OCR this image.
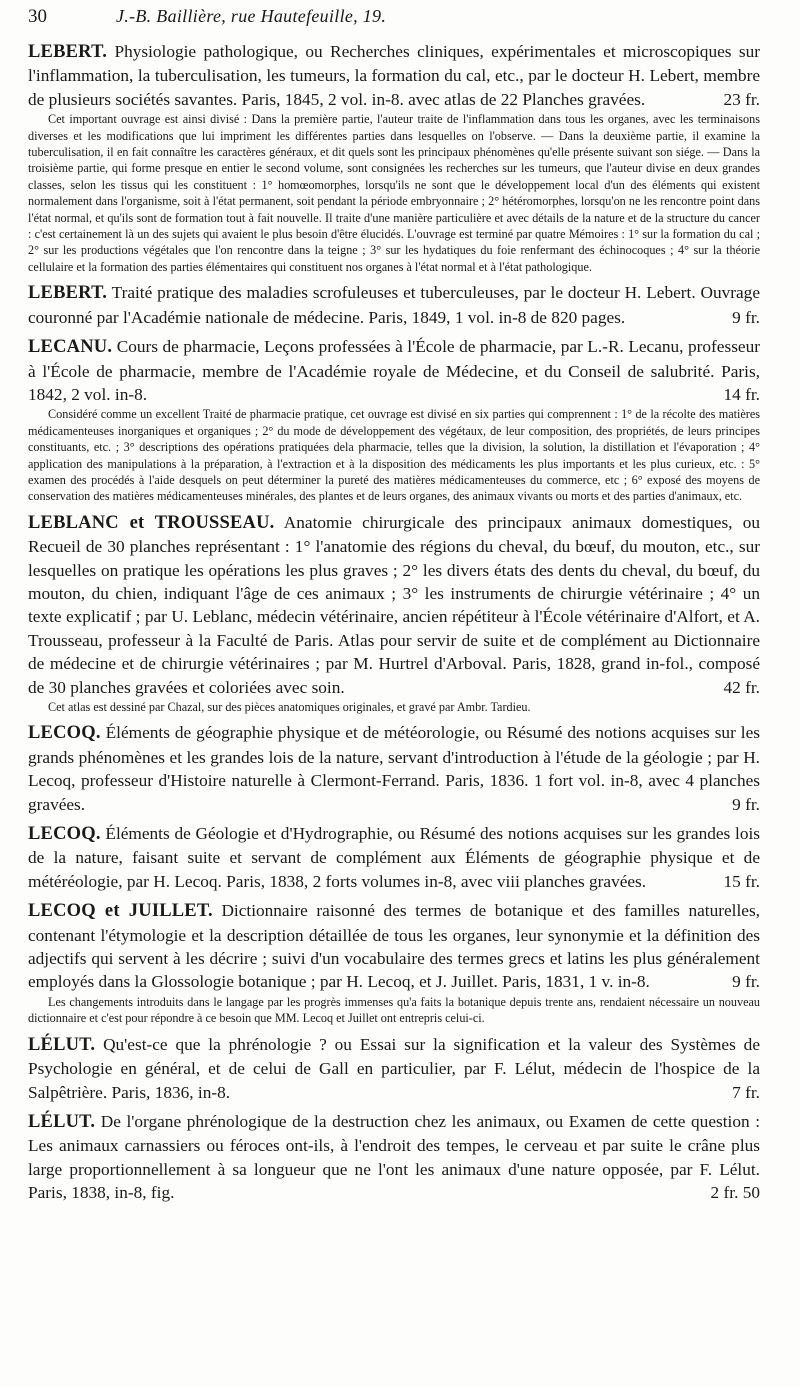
30	J.-B. Baillière, rue Hautefeuille, 19.

LEBERT. Physiologie pathologique, ou Recherches cliniques, expérimentales et microscopiques sur l'inflammation, la tuberculisation, les tumeurs, la formation du cal, etc., par le docteur H. Lebert, membre de plusieurs sociétés savantes. Paris, 1845, 2 vol. in-8. avec atlas de 22 Planches gravées.	23 fr.

Cet important ouvrage est ainsi divisé : Dans la première partie, l'auteur traite de l'inflammation dans tous les organes, avec les terminaisons diverses et les modifications que lui impriment les différentes parties dans lesquelles on l'observe. — Dans la deuxième partie, il examine la tuberculisation, il en fait connaître les caractères généraux, et dit quels sont les principaux phénomènes qu'elle présente suivant son siége. — Dans la troisième partie, qui forme presque en entier le second volume, sont consignées les recherches sur les tumeurs, que l'auteur divise en deux grandes classes, selon les tissus qui les constituent : 1° homœomorphes, lorsqu'ils ne sont que le développement local d'un des éléments qui existent normalement dans l'organisme, soit à l'état permanent, soit pendant la période embryonnaire ; 2° hétéromorphes, lorsqu'on ne les rencontre point dans l'état normal, et qu'ils sont de formation tout à fait nouvelle. Il traite d'une manière particulière et avec détails de la nature et de la structure du cancer : c'est certainement là un des sujets qui avaient le plus besoin d'être élucidés. L'ouvrage est terminé par quatre Mémoires : 1° sur la formation du cal ; 2° sur les productions végétales que l'on rencontre dans la teigne ; 3° sur les hydatiques du foie renfermant des échinocoques ; 4° sur la théorie cellulaire et la formation des parties élémentaires qui constituent nos organes à l'état normal et à l'état pathologique.

LEBERT. Traité pratique des maladies scrofuleuses et tuberculeuses, par le docteur H. Lebert. Ouvrage couronné par l'Académie nationale de médecine. Paris, 1849, 1 vol. in-8 de 820 pages.	9 fr.

LECANU. Cours de pharmacie, Leçons professées à l'École de pharmacie, par L.-R. Lecanu, professeur à l'École de pharmacie, membre de l'Académie royale de Médecine, et du Conseil de salubrité. Paris, 1842, 2 vol. in-8.	14 fr.

Considéré comme un excellent Traité de pharmacie pratique, cet ouvrage est divisé en six parties qui comprennent : 1° de la récolte des matières médicamenteuses inorganiques et organiques ; 2° du mode de développement des végétaux, de leur composition, des propriétés, de leurs principes constituants, etc. ; 3° descriptions des opérations pratiquées dela pharmacie, telles que la division, la solution, la distillation et l'évaporation ; 4° application des manipulations à la préparation, à l'extraction et à la disposition des médicaments les plus importants et les plus curieux, etc. : 5° examen des procédés à l'aide desquels on peut déterminer la pureté des matières médicamenteuses du commerce, etc ; 6° exposé des moyens de conservation des matières médicamenteuses minérales, des plantes et de leurs organes, des animaux vivants ou morts et des parties d'animaux, etc.

LEBLANC et TROUSSEAU. Anatomie chirurgicale des principaux animaux domestiques, ou Recueil de 30 planches représentant : 1° l'anatomie des régions du cheval, du bœuf, du mouton, etc., sur lesquelles on pratique les opérations les plus graves ; 2° les divers états des dents du cheval, du bœuf, du mouton, du chien, indiquant l'âge de ces animaux ; 3° les instruments de chirurgie vétérinaire ; 4° un texte explicatif ; par U. Leblanc, médecin vétérinaire, ancien répétiteur à l'École vétérinaire d'Alfort, et A. Trousseau, professeur à la Faculté de Paris. Atlas pour servir de suite et de complément au Dictionnaire de médecine et de chirurgie vétérinaires ; par M. Hurtrel d'Arboval. Paris, 1828, grand in-fol., composé de 30 planches gravées et coloriées avec soin.	42 fr.

Cet atlas est dessiné par Chazal, sur des pièces anatomiques originales, et gravé par Ambr. Tardieu.

LECOQ. Éléments de géographie physique et de météorologie, ou Résumé des notions acquises sur les grands phénomènes et les grandes lois de la nature, servant d'introduction à l'étude de la géologie ; par H. Lecoq, professeur d'Histoire naturelle à Clermont-Ferrand. Paris, 1836. 1 fort vol. in-8, avec 4 planches gravées.	9 fr.

LECOQ. Éléments de Géologie et d'Hydrographie, ou Résumé des notions acquises sur les grandes lois de la nature, faisant suite et servant de complément aux Éléments de géographie physique et de météréologie, par H. Lecoq. Paris, 1838, 2 forts volumes in-8, avec viii planches gravées.	15 fr.

LECOQ et JUILLET. Dictionnaire raisonné des termes de botanique et des familles naturelles, contenant l'étymologie et la description détaillée de tous les organes, leur synonymie et la définition des adjectifs qui servent à les décrire ; suivi d'un vocabulaire des termes grecs et latins les plus généralement employés dans la Glossologie botanique ; par H. Lecoq, et J. Juillet. Paris, 1831, 1 v. in-8.	9 fr.

Les changements introduits dans le langage par les progrès immenses qu'a faits la botanique depuis trente ans, rendaient nécessaire un nouveau dictionnaire et c'est pour répondre à ce besoin que MM. Lecoq et Juillet ont entrepris celui-ci.

LÉLUT. Qu'est-ce que la phrénologie ? ou Essai sur la signification et la valeur des Systèmes de Psychologie en général, et de celui de Gall en particulier, par F. Lélut, médecin de l'hospice de la Salpêtrière. Paris, 1836, in-8.	7 fr.

LÉLUT. De l'organe phrénologique de la destruction chez les animaux, ou Examen de cette question : Les animaux carnassiers ou féroces ont-ils, à l'endroit des tempes, le cerveau et par suite le crâne plus large proportionnellement à sa longueur que ne l'ont les animaux d'une nature opposée, par F. Lélut. Paris, 1838, in-8, fig.	2 fr. 50
